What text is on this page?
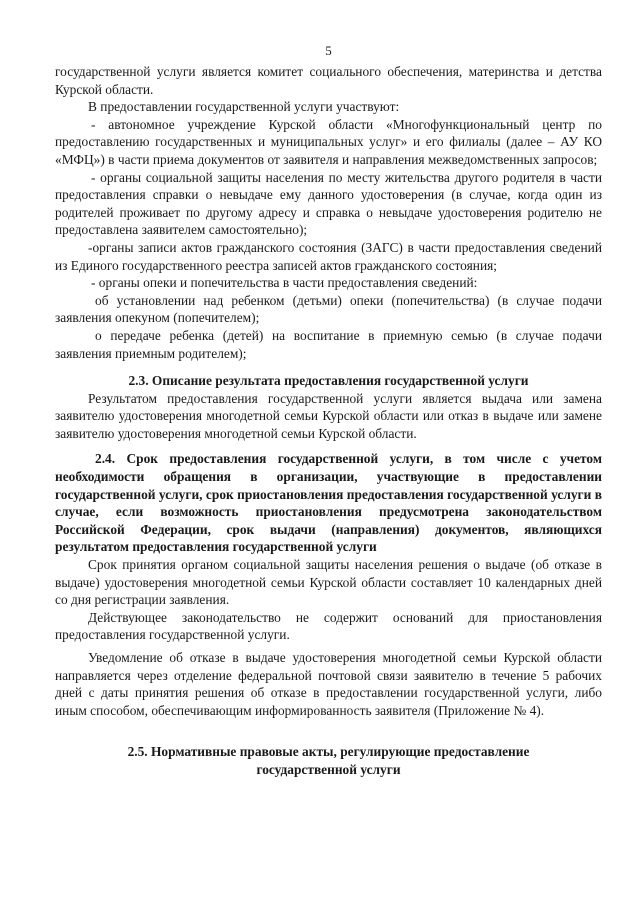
5

государственной услуги является комитет социального обеспечения, материнства и детства Курской области.

В предоставлении государственной услуги участвуют:

- автономное учреждение Курской области «Многофункциональный центр по предоставлению государственных и муниципальных услуг» и его филиалы (далее – АУ КО «МФЦ») в части приема документов от заявителя и направления межведомственных запросов;

- органы социальной защиты населения по месту жительства другого родителя в части предоставления справки о невыдаче ему данного удостоверения (в случае, когда один из родителей проживает по другому адресу и справка о невыдаче удостоверения родителю не предоставлена заявителем самостоятельно);

-органы записи актов гражданского состояния (ЗАГС) в части предоставления сведений из Единого государственного реестра записей актов гражданского состояния;

- органы опеки и попечительства в части предоставления сведений:

об установлении над ребенком (детьми) опеки (попечительства) (в случае подачи заявления опекуном (попечителем);

о передаче ребенка (детей) на воспитание в приемную семью (в случае подачи заявления приемным родителем);

2.3. Описание результата предоставления государственной услуги

Результатом предоставления государственной услуги является выдача или замена заявителю удостоверения многодетной семьи Курской области или отказ в выдаче или замене заявителю удостоверения многодетной семьи Курской области.

2.4. Срок предоставления государственной услуги, в том числе с учетом необходимости обращения в организации, участвующие в предоставлении государственной услуги, срок приостановления предоставления государственной услуги в случае, если возможность приостановления предусмотрена законодательством Российской Федерации, срок выдачи (направления) документов, являющихся результатом предоставления государственной услуги

Срок принятия органом социальной защиты населения решения о выдаче (об отказе в выдаче) удостоверения многодетной семьи Курской области составляет 10 календарных дней со дня регистрации заявления.

Действующее законодательство не содержит оснований для приостановления предоставления государственной услуги.

Уведомление об отказе в выдаче удостоверения многодетной семьи Курской области направляется через отделение федеральной почтовой связи заявителю в течение 5 рабочих дней с даты принятия решения об отказе в предоставлении государственной услуги, либо иным способом, обеспечивающим информированность заявителя (Приложение № 4).

2.5. Нормативные правовые акты, регулирующие предоставление государственной услуги
